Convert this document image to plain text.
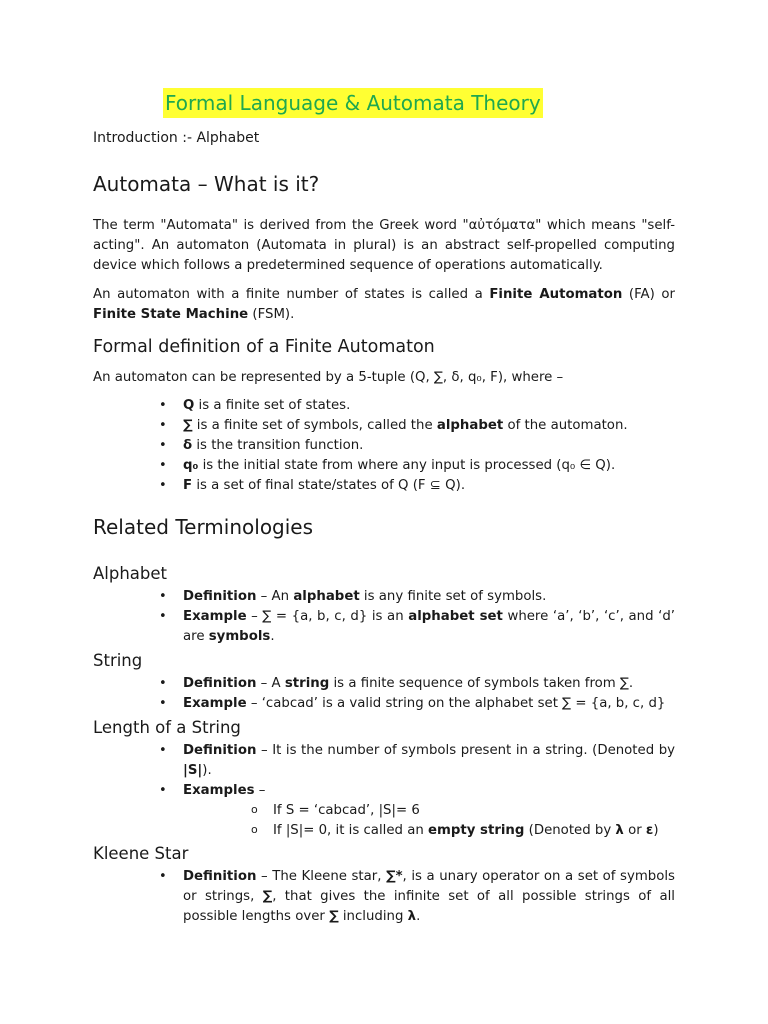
Formal Language & Automata Theory
Introduction :- Alphabet
Automata – What is it?
The term "Automata" is derived from the Greek word "αὐτόματα" which means "self-acting". An automaton (Automata in plural) is an abstract self-propelled computing device which follows a predetermined sequence of operations automatically.
An automaton with a finite number of states is called a Finite Automaton (FA) or Finite State Machine (FSM).
Formal definition of a Finite Automaton
An automaton can be represented by a 5-tuple (Q, ∑, δ, q₀, F), where –
• Q is a finite set of states.
• ∑ is a finite set of symbols, called the alphabet of the automaton.
• δ is the transition function.
• q₀ is the initial state from where any input is processed (q₀ ∈ Q).
• F is a set of final state/states of Q (F ⊆ Q).
Related Terminologies
Alphabet
• Definition – An alphabet is any finite set of symbols.
• Example – ∑ = {a, b, c, d} is an alphabet set where ‘a’, ‘b’, ‘c’, and ‘d’ are symbols.
String
• Definition – A string is a finite sequence of symbols taken from ∑.
• Example – ‘cabcad’ is a valid string on the alphabet set ∑ = {a, b, c, d}
Length of a String
• Definition – It is the number of symbols present in a string. (Denoted by |S|).
• Examples –
o If S = ‘cabcad’, |S|= 6
o If |S|= 0, it is called an empty string (Denoted by λ or ε)
Kleene Star
• Definition – The Kleene star, ∑*, is a unary operator on a set of symbols or strings, ∑, that gives the infinite set of all possible strings of all possible lengths over ∑ including λ.
